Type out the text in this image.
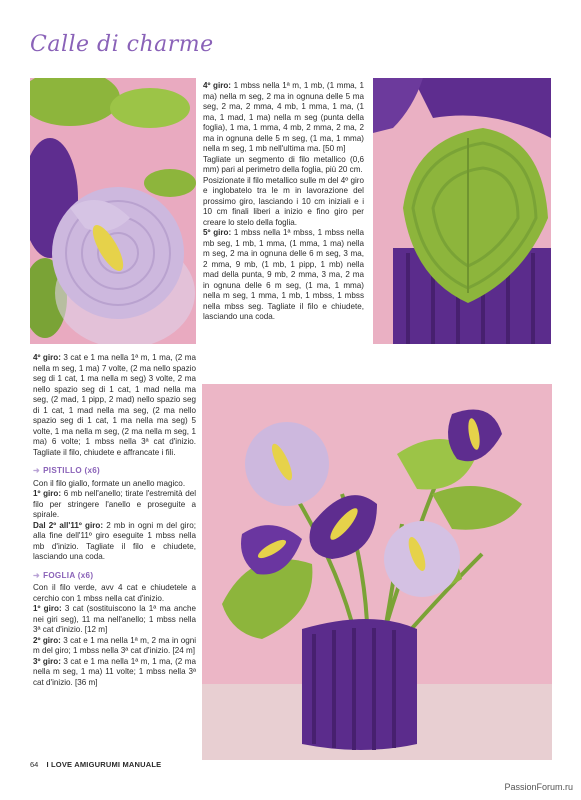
Calle di charme

4º giro: 1 mbss nella 1ª m, 1 mb, (1 mma, 1 ma) nella m seg, 2 ma in ognuna delle 5 ma seg, 2 ma, 2 mma, 4 mb, 1 mma, 1 ma, (1 ma, 1 mad, 1 ma) nella m seg (punta della foglia), 1 ma, 1 mma, 4 mb, 2 mma, 2 ma, 2 ma in ognuna delle 5 m seg, (1 ma, 1 mma) nella m seg, 1 mb nell'ultima ma. [50 m]

Tagliate un segmento di filo metallico (0,6 mm) pari al perimetro della foglia, più 20 cm.

Posizionate il filo metallico sulle m del 4º giro e inglobatelo tra le m in lavorazione del prossimo giro, lasciando i 10 cm iniziali e i 10 cm finali liberi a inizio e fino giro per creare lo stelo della foglia.

5º giro: 1 mbss nella 1ª mbss, 1 mbss nella mb seg, 1 mb, 1 mma, (1 mma, 1 ma) nella m seg, 2 ma in ognuna delle 6 m seg, 3 ma, 2 mma, 9 mb, (1 mb, 1 pipp, 1 mb) nella mad della punta, 9 mb, 2 mma, 3 ma, 2 ma in ognuna delle 6 m seg, (1 ma, 1 mma) nella m seg, 1 mma, 1 mb, 1 mbss, 1 mbss nella mbss seg. Tagliate il filo e chiudete, lasciando una coda.

4º giro: 3 cat e 1 ma nella 1ª m, 1 ma, (2 ma nella m seg, 1 ma) 7 volte, (2 ma nello spazio seg di 1 cat, 1 ma nella m seg) 3 volte, 2 ma nello spazio seg di 1 cat, 1 mad nella ma seg, (2 mad, 1 pipp, 2 mad) nello spazio seg di 1 cat, 1 mad nella ma seg, (2 ma nello spazio seg di 1 cat, 1 ma nella ma seg) 5 volte, 1 ma nella m seg, (2 ma nella m seg, 1 ma) 6 volte; 1 mbss nella 3ª cat d'inizio. Tagliate il filo, chiudete e affrancate i fili.

➜ PISTILLO (x6)

Con il filo giallo, formate un anello magico.

1º giro: 6 mb nell'anello; tirate l'estremità del filo per stringere l'anello e proseguite a spirale.

Dal 2º all'11º giro: 2 mb in ogni m del giro; alla fine dell'11º giro eseguite 1 mbss nella mb d'inizio. Tagliate il filo e chiudete, lasciando una coda.

➜ FOGLIA (x6)

Con il filo verde, avv 4 cat e chiudetele a cerchio con 1 mbss nella cat d'inizio.

1º giro: 3 cat (sostituiscono la 1ª ma anche nei giri seg), 11 ma nell'anello; 1 mbss nella 3ª cat d'inizio. [12 m]

2º giro: 3 cat e 1 ma nella 1ª m, 2 ma in ogni m del giro; 1 mbss nella 3ª cat d'inizio. [24 m]

3º giro: 3 cat e 1 ma nella 1ª m, 1 ma, (2 ma nella m seg, 1 ma) 11 volte; 1 mbss nella 3ª cat d'inizio. [36 m]

64 I LOVE AMIGURUMI MANUALE
PassionForum.ru
